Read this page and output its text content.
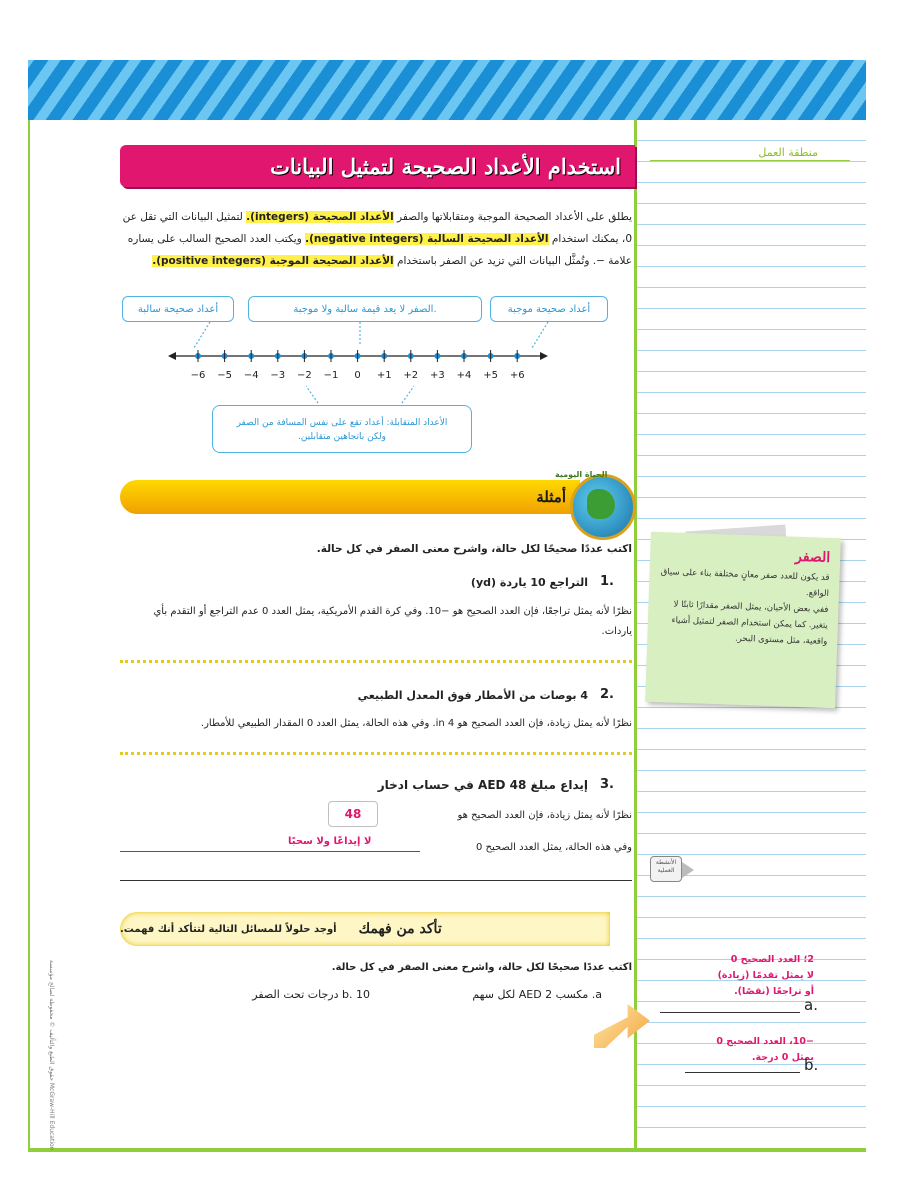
منطقة العمل
استخدام الأعداد الصحيحة لتمثيل البيانات
يطلق على الأعداد الصحيحة الموجبة ومتقابلاتها والصفر الأعداد الصحيحة (integers). لتمثيل البيانات التي تقل عن 0، يمكنك استخدام الأعداد الصحيحة السالبة (negative integers). ويكتب العدد الصحيح السالب على يساره علامة −. وتُمثَّل البيانات التي تزيد عن الصفر باستخدام الأعداد الصحيحة الموجبة (positive integers).
أعداد صحيحة سالبة	الصفر لا يعد قيمة سالبة ولا موجبة.	أعداد صحيحة موجبة
−6 −5 −4 −3 −2 −1 0 +1 +2 +3 +4 +5 +6
الأعداد المتقابلة: أعداد تقع على نفس المسافة من الصفر
ولكن باتجاهين متقابلين.
أمثلة
الحياة اليومية
اكتب عددًا صحيحًا لكل حالة، واشرح معنى الصفر في كل حالة.
1.
التراجع 10 ياردة (yd)
نظرًا لأنه يمثل تراجعًا، فإن العدد الصحيح هو −10. وفي كرة القدم الأمريكية، يمثل العدد 0 عدم التراجع أو التقدم بأي ياردات.
2.
4 بوصات من الأمطار فوق المعدل الطبيعي
نظرًا لأنه يمثل زيادة، فإن العدد الصحيح هو in 4. وفي هذه الحالة، يمثل العدد 0 المقدار الطبيعي للأمطار.
3.
إيداع مبلغ AED 48 في حساب ادخار
نظرًا لأنه يمثل زيادة، فإن العدد الصحيح هو
48
وفي هذه الحالة، يمثل العدد الصحيح 0
لا إيداعًا ولا سحبًا
تأكد من فهمك
أوجد حلولاً للمسائل التالية لتتأكد أنك فهمت.
اكتب عددًا صحيحًا لكل حالة، واشرح معنى الصفر في كل حالة.
a. مكسب AED 2 لكل سهم
b. 10 درجات تحت الصفر
الصفر

قد يكون للعدد صفر معانٍ مختلفة بناء على سياق الواقع.

ففي بعض الأحيان، يمثل الصفر مقدارًا ثابتًا لا يتغير. كما يمكن استخدام الصفر لتمثيل أشياء واقعية، مثل مستوى البحر.

الأنشطة العملية
2؛ العدد الصحيح 0
لا يمثل تقدمًا (زيادة)
أو تراجعًا (نقصًا).
a.
−10، العدد الصحيح 0
يمثل 0 درجة.
b.
حقوق الطبع والتأليف © محفوظة لصالح مؤسسة McGraw-Hill Education
